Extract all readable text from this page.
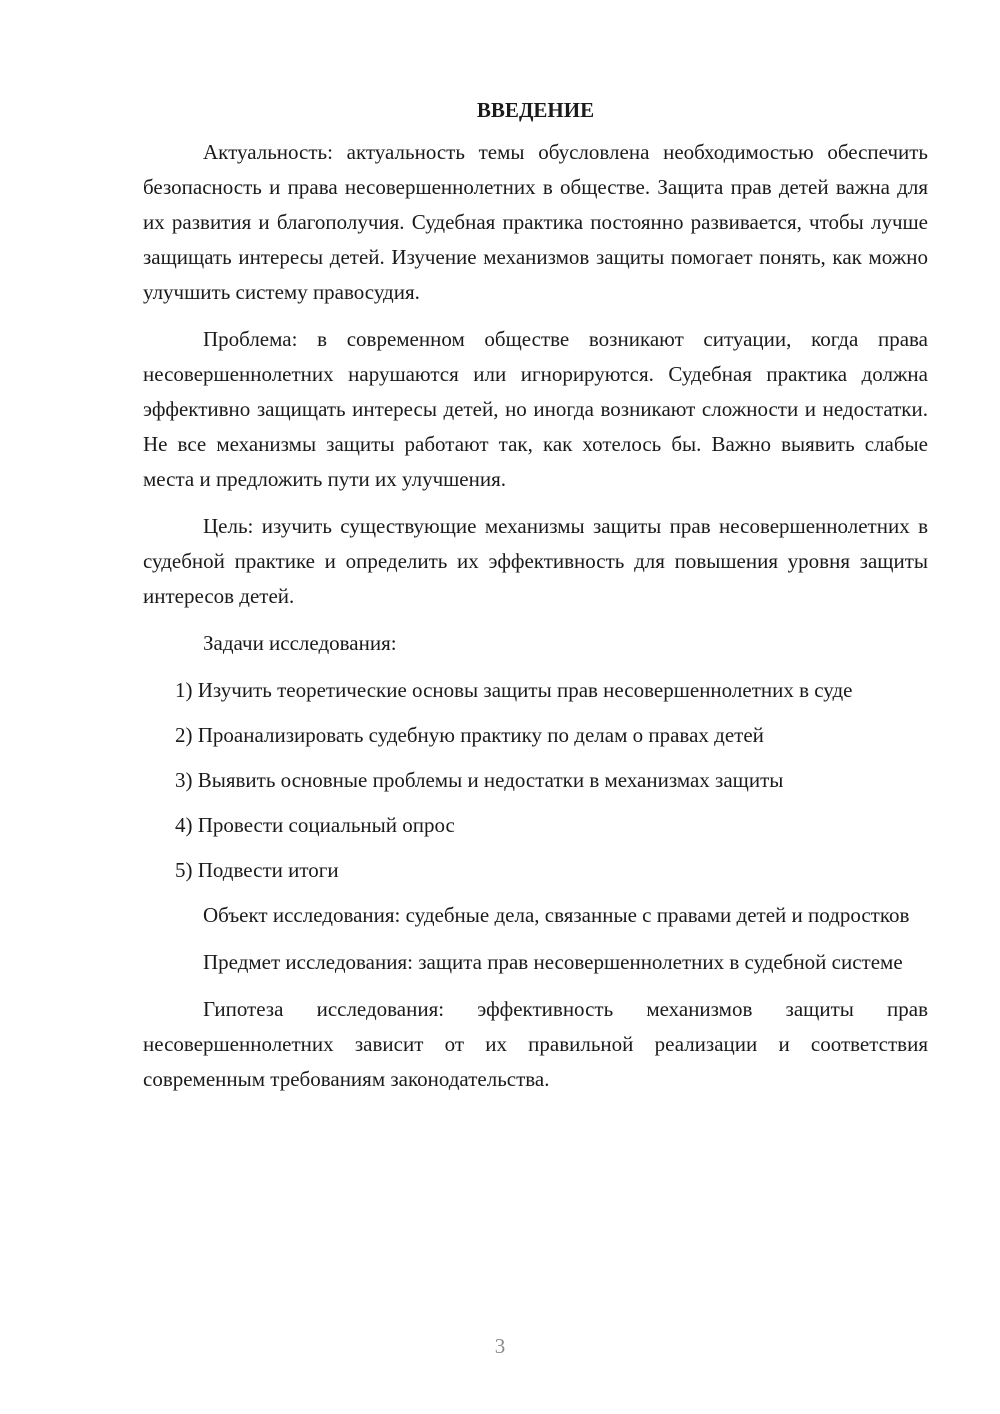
ВВЕДЕНИЕ

Актуальность: актуальность темы обусловлена необходимостью обеспечить безопасность и права несовершеннолетних в обществе. Защита прав детей важна для их развития и благополучия. Судебная практика постоянно развивается, чтобы лучше защищать интересы детей. Изучение механизмов защиты помогает понять, как можно улучшить систему правосудия.

Проблема: в современном обществе возникают ситуации, когда права несовершеннолетних нарушаются или игнорируются. Судебная практика должна эффективно защищать интересы детей, но иногда возникают сложности и недостатки. Не все механизмы защиты работают так, как хотелось бы. Важно выявить слабые места и предложить пути их улучшения.

Цель: изучить существующие механизмы защиты прав несовершеннолетних в судебной практике и определить их эффективность для повышения уровня защиты интересов детей.

Задачи исследования:

1) Изучить теоретические основы защиты прав несовершеннолетних в суде

2) Проанализировать судебную практику по делам о правах детей

3) Выявить основные проблемы и недостатки в механизмах защиты

4) Провести социальный опрос

5) Подвести итоги

Объект исследования: судебные дела, связанные с правами детей и подростков

Предмет исследования: защита прав несовершеннолетних в судебной системе

Гипотеза исследования: эффективность механизмов защиты прав несовершеннолетних зависит от их правильной реализации и соответствия современным требованиям законодательства.

3
